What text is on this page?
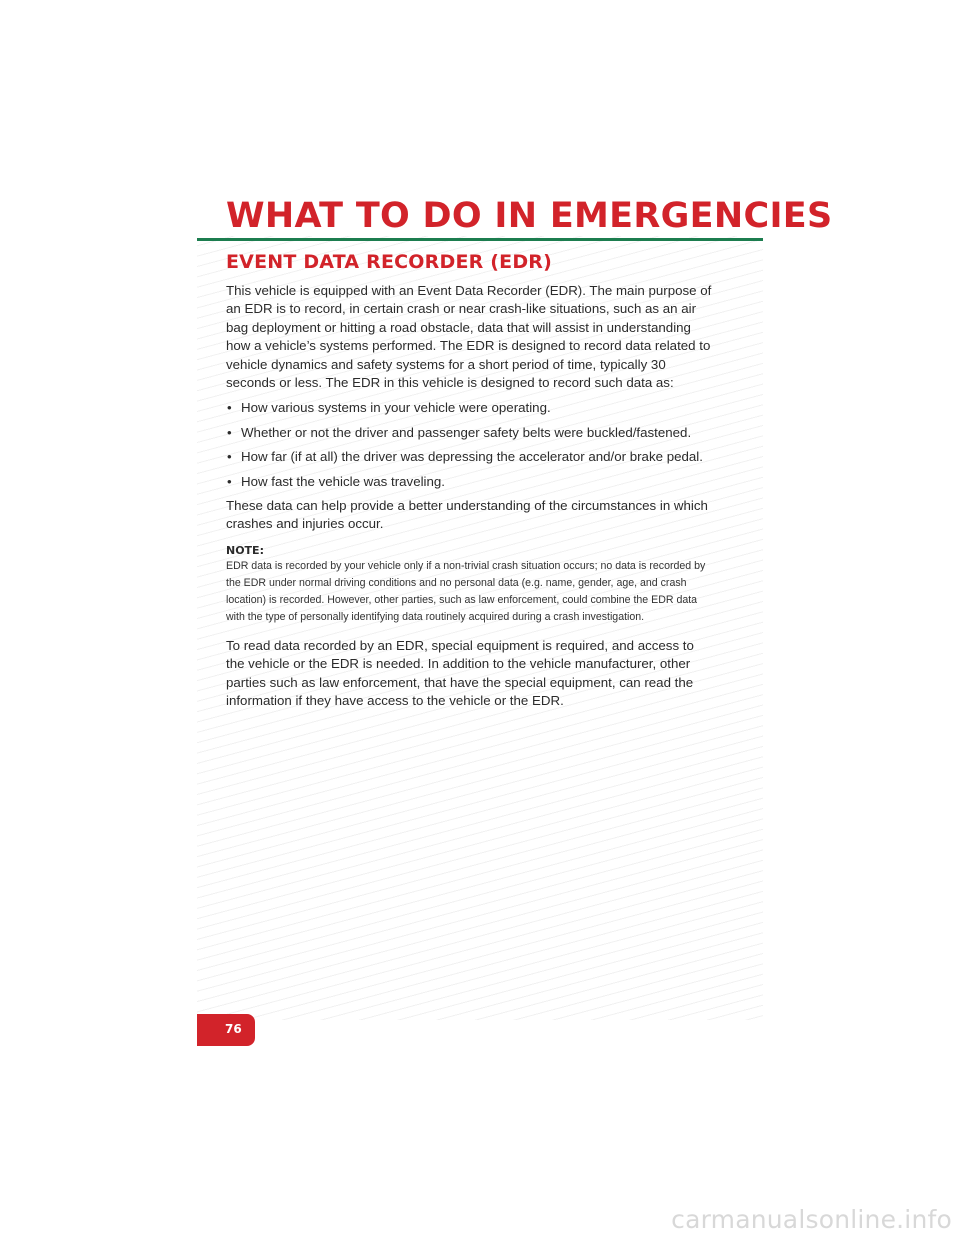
WHAT TO DO IN EMERGENCIES
EVENT DATA RECORDER (EDR)

This vehicle is equipped with an Event Data Recorder (EDR). The main purpose of an EDR is to record, in certain crash or near crash-like situations, such as an air bag deployment or hitting a road obstacle, data that will assist in understanding how a vehicle’s systems performed. The EDR is designed to record data related to vehicle dynamics and safety systems for a short period of time, typically 30 seconds or less. The EDR in this vehicle is designed to record such data as:

• How various systems in your vehicle were operating.
• Whether or not the driver and passenger safety belts were buckled/fastened.
• How far (if at all) the driver was depressing the accelerator and/or brake pedal.
• How fast the vehicle was traveling.

These data can help provide a better understanding of the circumstances in which crashes and injuries occur.

NOTE:

EDR data is recorded by your vehicle only if a non-trivial crash situation occurs; no data is recorded by the EDR under normal driving conditions and no personal data (e.g. name, gender, age, and crash location) is recorded. However, other parties, such as law enforcement, could combine the EDR data with the type of personally identifying data routinely acquired during a crash investigation.

To read data recorded by an EDR, special equipment is required, and access to the vehicle or the EDR is needed. In addition to the vehicle manufacturer, other parties such as law enforcement, that have the special equipment, can read the information if they have access to the vehicle or the EDR.

76
carmanualsonline.info
